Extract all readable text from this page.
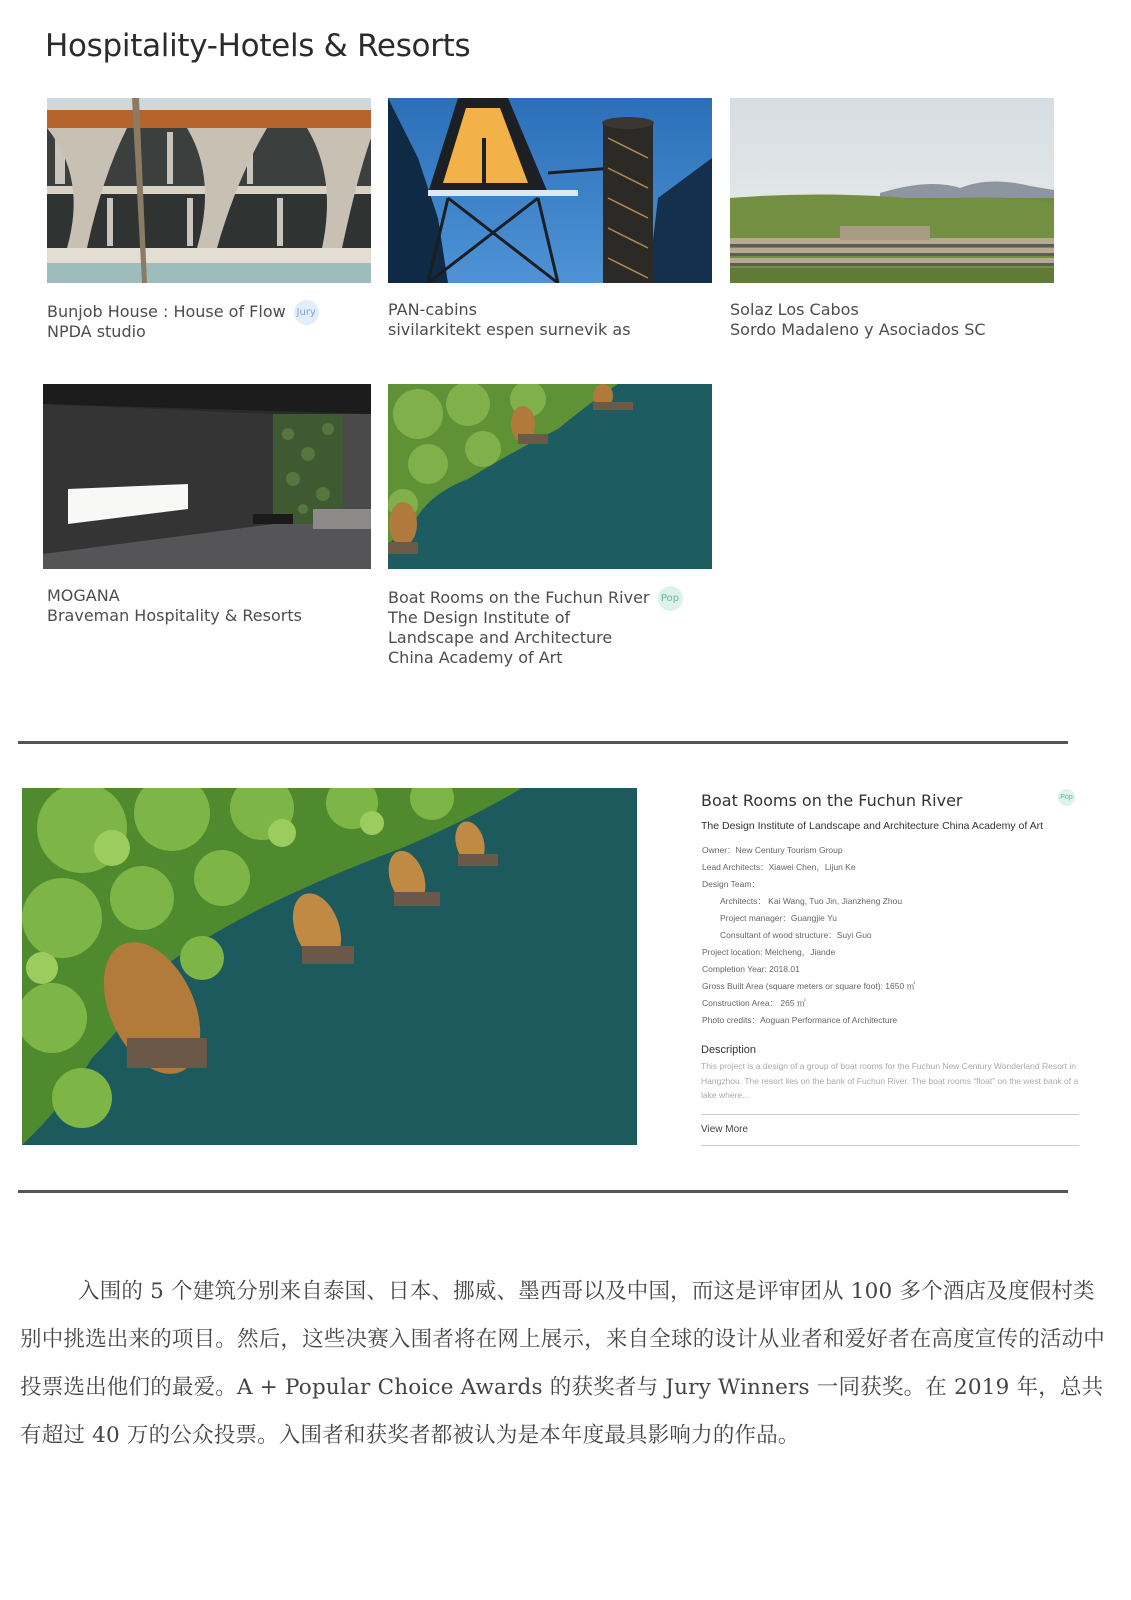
Hospitality-Hotels & Resorts
Bunjob House : House of Flow Jury
NPDA studio
PAN-cabins
sivilarkitekt espen surnevik as
Solaz Los Cabos
Sordo Madaleno y Asociados SC
MOGANA
Braveman Hospitality & Resorts
Boat Rooms on the Fuchun River Pop
The Design Institute of
Landscape and Architecture
China Academy of Art
Boat Rooms on the Fuchun River	Pop
The Design Institute of Landscape and Architecture China Academy of Art
Owner：New Century Tourism Group
Lead Architects：Xiawei Chen，Lijun Ke
Design Team：
Architects： Kai Wang, Tuo Jin, Jianzheng Zhou
Project manager：Guangjie Yu
Consultant of wood structure：Suyi Guo
Project location: Meicheng，Jiande
Completion Year: 2018.01
Gross Built Area (square meters or square foot): 1650 ㎡
Construction Area： 265 ㎡
Photo credits：Aoguan Performance of Architecture
Description
This project is a design of a group of boat rooms for the Fuchun New Century Wonderland Resort in Hangzhou. The resort lies on the bank of Fuchun River. The boat rooms “float” on the west bank of a lake where...
View More
入围的 5 个建筑分别来自泰国、日本、挪威、墨西哥以及中国，而这是评审团从 100 多个酒店及度假村类别中挑选出来的项目。然后，这些决赛入围者将在网上展示，来自全球的设计从业者和爱好者在高度宣传的活动中投票选出他们的最爱。A + Popular Choice Awards 的获奖者与 Jury Winners 一同获奖。在 2019 年，总共有超过 40 万的公众投票。入围者和获奖者都被认为是本年度最具影响力的作品。
